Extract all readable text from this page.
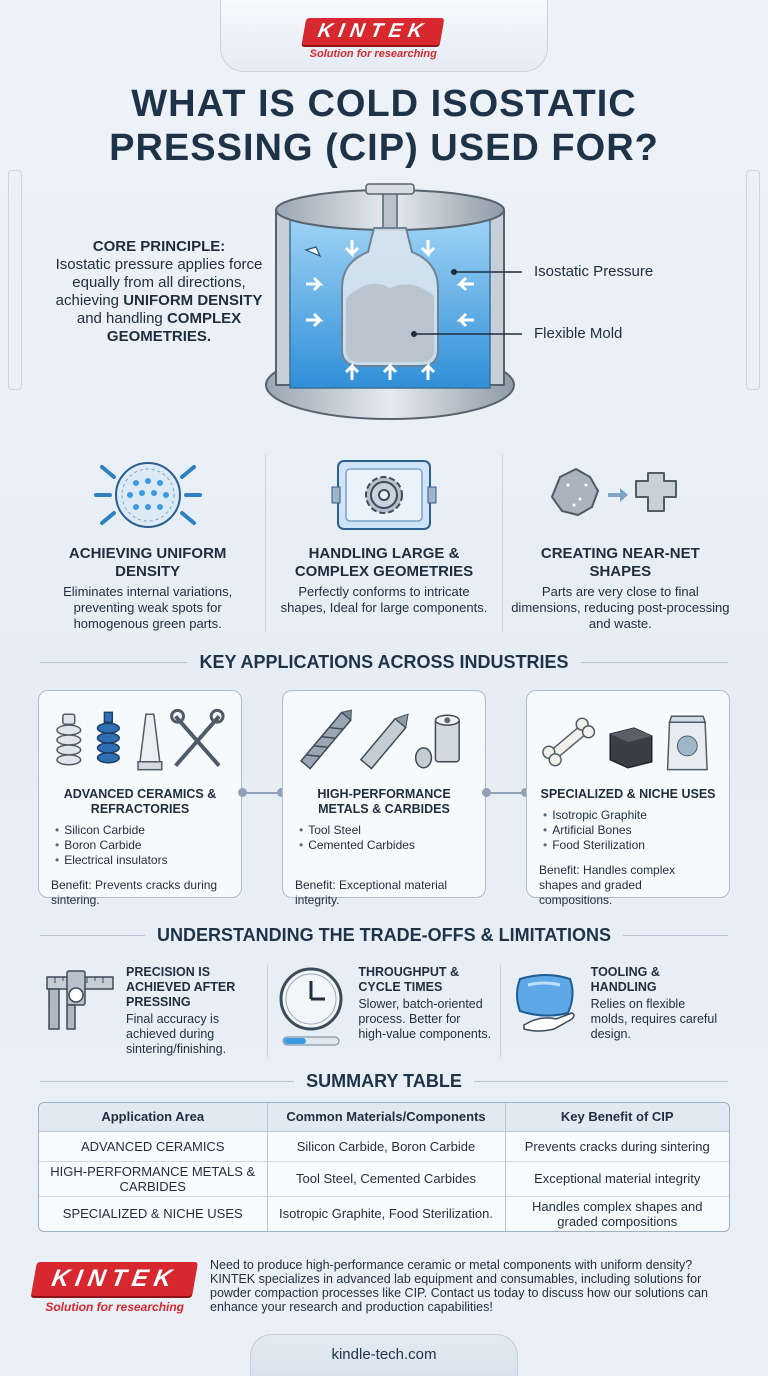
KINTEK
Solution for researching
WHAT IS COLD ISOSTATIC PRESSING (CIP) USED FOR?
CORE PRINCIPLE:
Isostatic pressure applies force equally from all directions, achieving UNIFORM DENSITY and handling COMPLEX GEOMETRIES.
Isostatic Pressure
Flexible Mold
ACHIEVING UNIFORM DENSITY

Eliminates internal variations, preventing weak spots for homogenous green parts.

HANDLING LARGE & COMPLEX GEOMETRIES

Perfectly conforms to intricate shapes, Ideal for large components.

CREATING NEAR-NET SHAPES

Parts are very close to final dimensions, reducing post-processing and waste.

KEY APPLICATIONS ACROSS INDUSTRIES
ADVANCED CERAMICS & REFRACTORIES
• Silicon Carbide
• Boron Carbide
• Electrical insulators
Benefit: Prevents cracks during sintering.
HIGH-PERFORMANCE METALS & CARBIDES
• Tool Steel
• Cemented Carbides
Benefit: Exceptional material integrity.
SPECIALIZED & NICHE USES
• Isotropic Graphite
• Artificial Bones
• Food Sterilization
Benefit: Handles complex shapes and graded compositions.
UNDERSTANDING THE TRADE-OFFS & LIMITATIONS
PRECISION IS ACHIEVED AFTER PRESSING

Final accuracy is achieved during sintering/finishing.

THROUGHPUT & CYCLE TIMES

Slower, batch-oriented process. Better for high-value components.

TOOLING & HANDLING

Relies on flexible molds, requires careful design.

SUMMARY TABLE
Application Area	Common Materials/Components	Key Benefit of CIP
ADVANCED CERAMICS	Silicon Carbide, Boron Carbide	Prevents cracks during sintering
HIGH-PERFORMANCE METALS & CARBIDES	Tool Steel, Cemented Carbides	Exceptional material integrity
SPECIALIZED & NICHE USES	Isotropic Graphite, Food Sterilization.	Handles complex shapes and graded compositions
KINTEK
Solution for researching

Need to produce high-performance ceramic or metal components with uniform density? KINTEK specializes in advanced lab equipment and consumables, including solutions for powder compaction processes like CIP. Contact us today to discuss how our solutions can enhance your research and production capabilities!

kindle-tech.com
